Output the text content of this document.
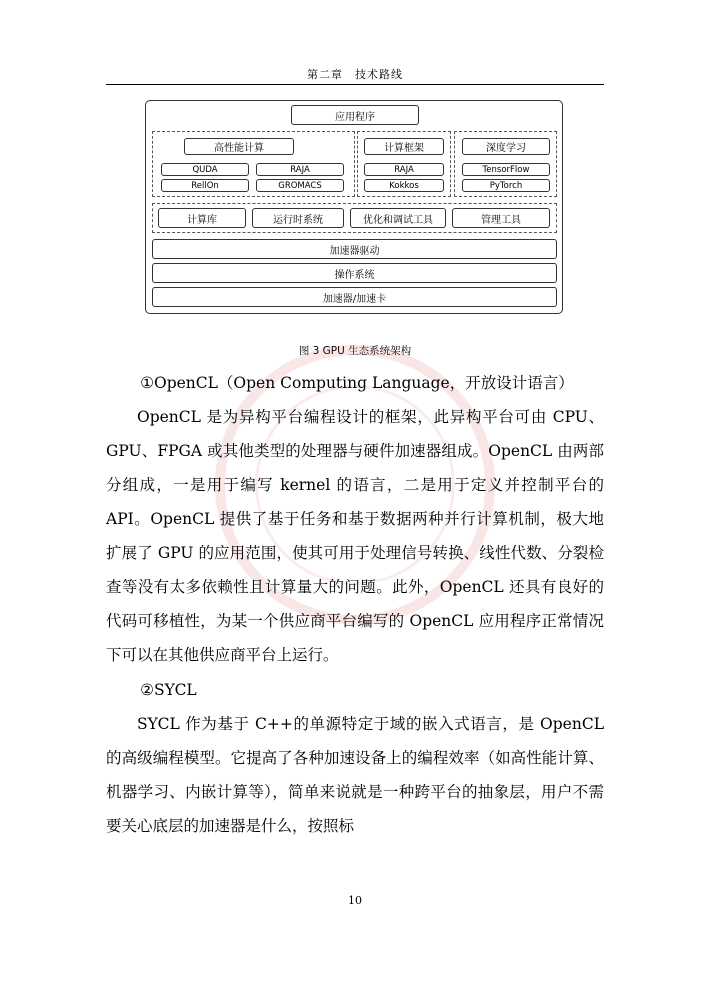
第二章　技术路线
应用程序
高性能计算
QUDA	RAJA
RellOn	GROMACS
计算框架
RAJA
Kokkos
深度学习
TensorFlow
PyTorch
计算库	运行时系统	优化和调试工具	管理工具
加速器驱动
操作系统
加速器/加速卡
图 3 GPU 生态系统架构

①OpenCL（Open Computing Language，开放设计语言）

OpenCL 是为异构平台编程设计的框架，此异构平台可由 CPU、GPU、FPGA 或其他类型的处理器与硬件加速器组成。OpenCL 由两部分组成，一是用于编写 kernel 的语言，二是用于定义并控制平台的 API。OpenCL 提供了基于任务和基于数据两种并行计算机制，极大地扩展了 GPU 的应用范围，使其可用于处理信号转换、线性代数、分裂检查等没有太多依赖性且计算量大的问题。此外，OpenCL 还具有良好的代码可移植性，为某一个供应商平台编写的 OpenCL 应用程序正常情况下可以在其他供应商平台上运行。

②SYCL

SYCL 作为基于 C++的单源特定于域的嵌入式语言，是 OpenCL 的高级编程模型。它提高了各种加速设备上的编程效率（如高性能计算、机器学习、内嵌计算等），简单来说就是一种跨平台的抽象层，用户不需要关心底层的加速器是什么，按照标

10
